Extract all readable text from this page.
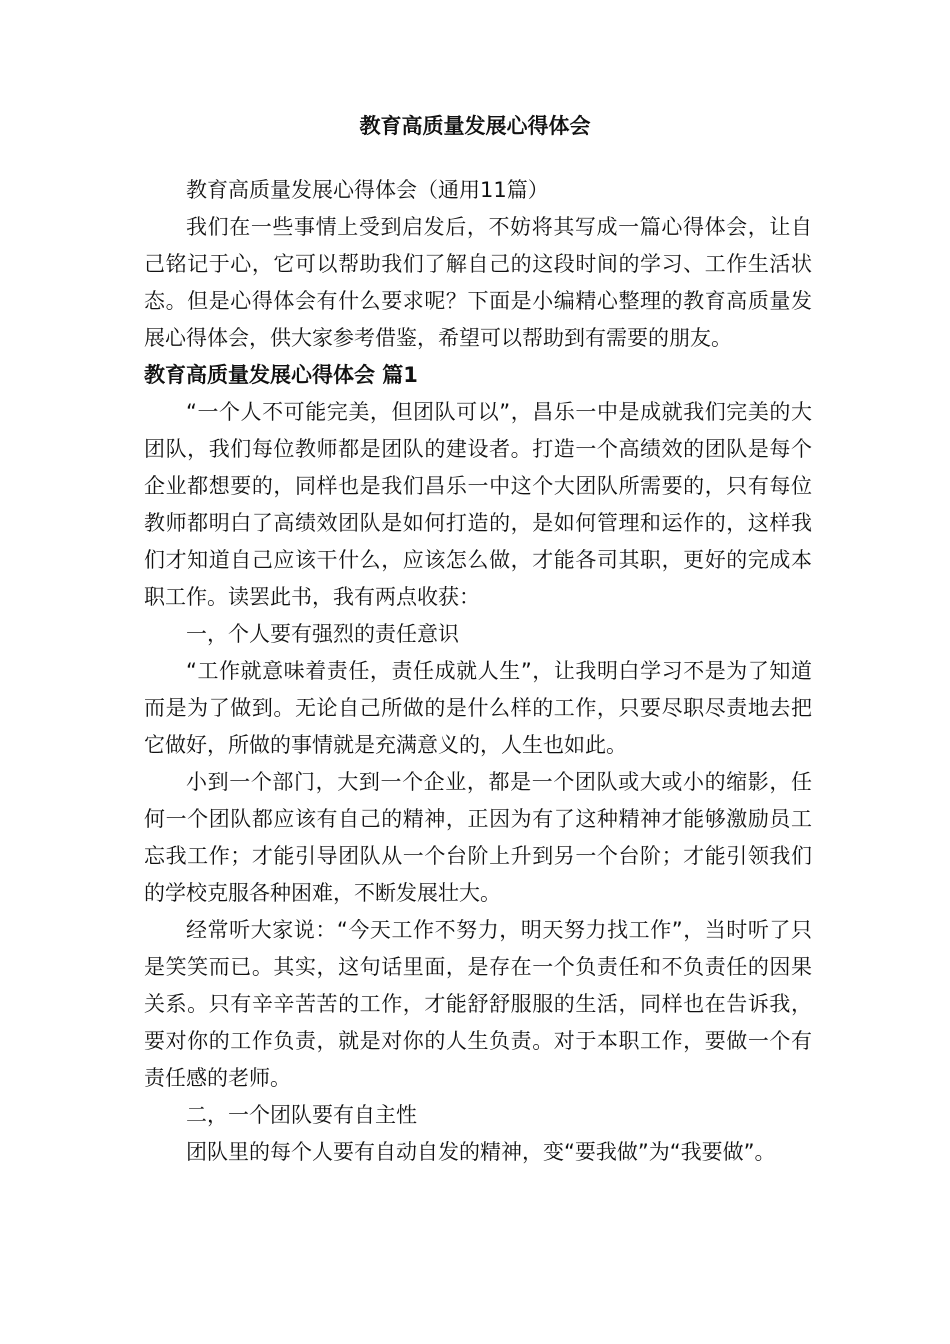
教育高质量发展心得体会

教育高质量发展心得体会（通用11篇）

我们在一些事情上受到启发后，不妨将其写成一篇心得体会，让自己铭记于心，它可以帮助我们了解自己的这段时间的学习、工作生活状态。但是心得体会有什么要求呢？下面是小编精心整理的教育高质量发展心得体会，供大家参考借鉴，希望可以帮助到有需要的朋友。

教育高质量发展心得体会 篇1

“一个人不可能完美，但团队可以”，昌乐一中是成就我们完美的大团队，我们每位教师都是团队的建设者。打造一个高绩效的团队是每个企业都想要的，同样也是我们昌乐一中这个大团队所需要的，只有每位教师都明白了高绩效团队是如何打造的，是如何管理和运作的，这样我们才知道自己应该干什么，应该怎么做，才能各司其职，更好的完成本职工作。读罢此书，我有两点收获：

一，个人要有强烈的责任意识

“工作就意味着责任，责任成就人生”，让我明白学习不是为了知道而是为了做到。无论自己所做的是什么样的工作，只要尽职尽责地去把它做好，所做的事情就是充满意义的，人生也如此。

小到一个部门，大到一个企业，都是一个团队或大或小的缩影，任何一个团队都应该有自己的精神，正因为有了这种精神才能够激励员工忘我工作；才能引导团队从一个台阶上升到另一个台阶；才能引领我们的学校克服各种困难，不断发展壮大。

经常听大家说：“今天工作不努力，明天努力找工作”，当时听了只是笑笑而已。其实，这句话里面，是存在一个负责任和不负责任的因果关系。只有辛辛苦苦的工作，才能舒舒服服的生活，同样也在告诉我，要对你的工作负责，就是对你的人生负责。对于本职工作，要做一个有责任感的老师。

二，一个团队要有自主性

团队里的每个人要有自动自发的精神，变“要我做”为“我要做”。
